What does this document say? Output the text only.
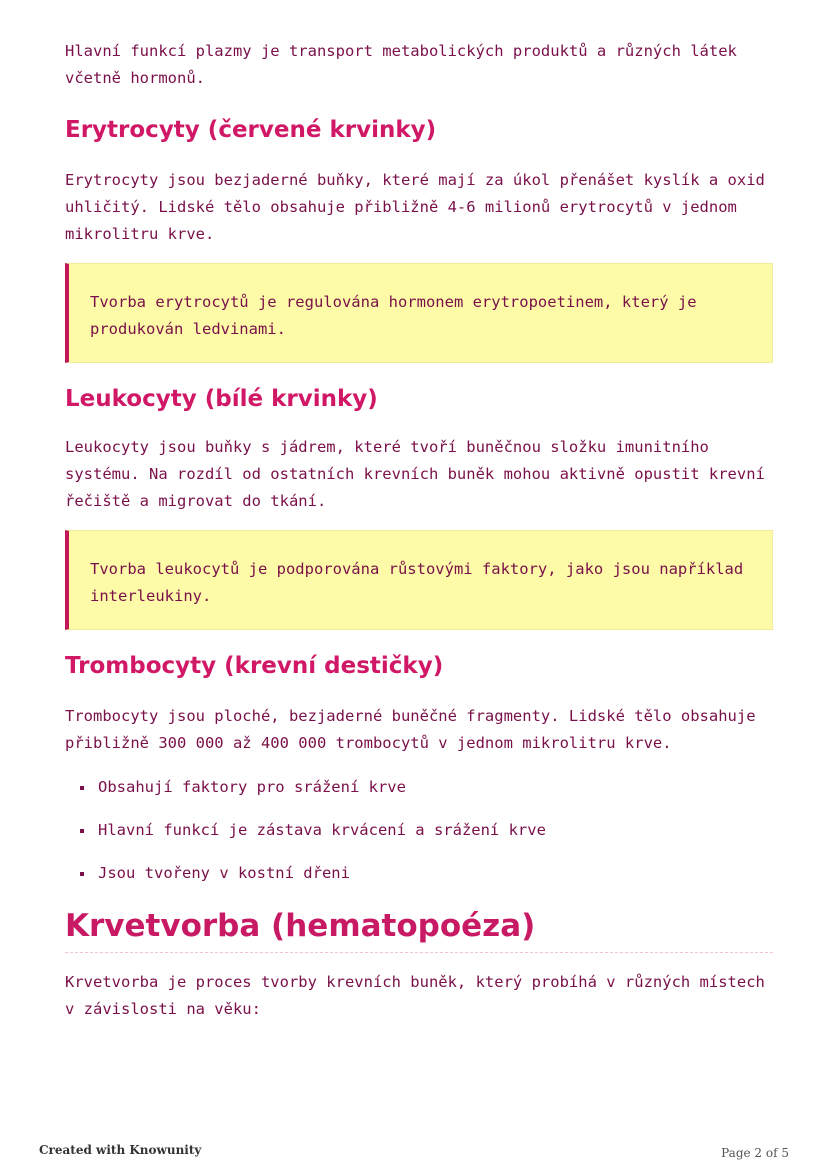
Hlavní funkcí plazmy je transport metabolických produktů a různých látek včetně hormonů.

Erytrocyty (červené krvinky)

Erytrocyty jsou bezjaderné buňky, které mají za úkol přenášet kyslík a oxid uhličitý. Lidské tělo obsahuje přibližně 4-6 milionů erytrocytů v jednom mikrolitru krve.

Tvorba erytrocytů je regulována hormonem erytropoetinem, který je produkován ledvinami.

Leukocyty (bílé krvinky)

Leukocyty jsou buňky s jádrem, které tvoří buněčnou složku imunitního systému. Na rozdíl od ostatních krevních buněk mohou aktivně opustit krevní řečiště a migrovat do tkání.

Tvorba leukocytů je podporována růstovými faktory, jako jsou například interleukiny.

Trombocyty (krevní destičky)

Trombocyty jsou ploché, bezjaderné buněčné fragmenty. Lidské tělo obsahuje přibližně 300 000 až 400 000 trombocytů v jednom mikrolitru krve.

Obsahují faktory pro srážení krve
Hlavní funkcí je zástava krvácení a srážení krve
Jsou tvořeny v kostní dřeni
Krvetvorba (hematopoéza)

Krvetvorba je proces tvorby krevních buněk, který probíhá v různých místech v závislosti na věku:

Created with Knowunity	Page 2 of 5
